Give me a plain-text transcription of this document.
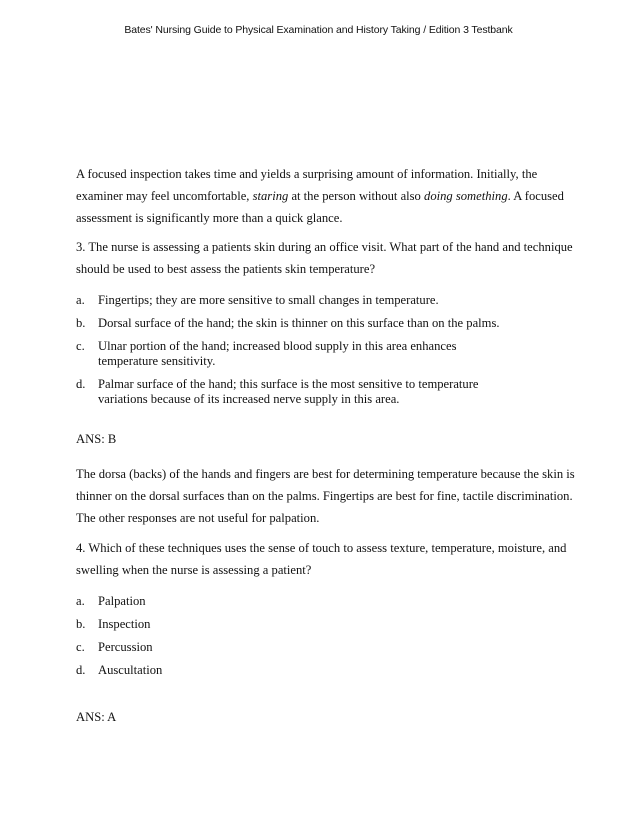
Bates' Nursing Guide to Physical Examination and History Taking / Edition 3 Testbank

A focused inspection takes time and yields a surprising amount of information. Initially, the examiner may feel uncomfortable, staring at the person without also doing something. A focused assessment is significantly more than a quick glance.

3. The nurse is assessing a patients skin during an office visit. What part of the hand and technique should be used to best assess the patients skin temperature?

a.	Fingertips; they are more sensitive to small changes in temperature.
b. Dorsal surface of the hand; the skin is thinner on this surface than on the palms.
c.	Ulnar portion of the hand; increased blood supply in this area enhances
temperature sensitivity.
d. Palmar surface of the hand; this surface is the most sensitive to temperature
variations because of its increased nerve supply in this area.

ANS: B

The dorsa (backs) of the hands and fingers are best for determining temperature because the skin is thinner on the dorsal surfaces than on the palms. Fingertips are best for fine, tactile discrimination. The other responses are not useful for palpation.

4. Which of these techniques uses the sense of touch to assess texture, temperature, moisture, and swelling when the nurse is assessing a patient?

a.	Palpation
b. Inspection
c.	Percussion
d. Auscultation

ANS: A
